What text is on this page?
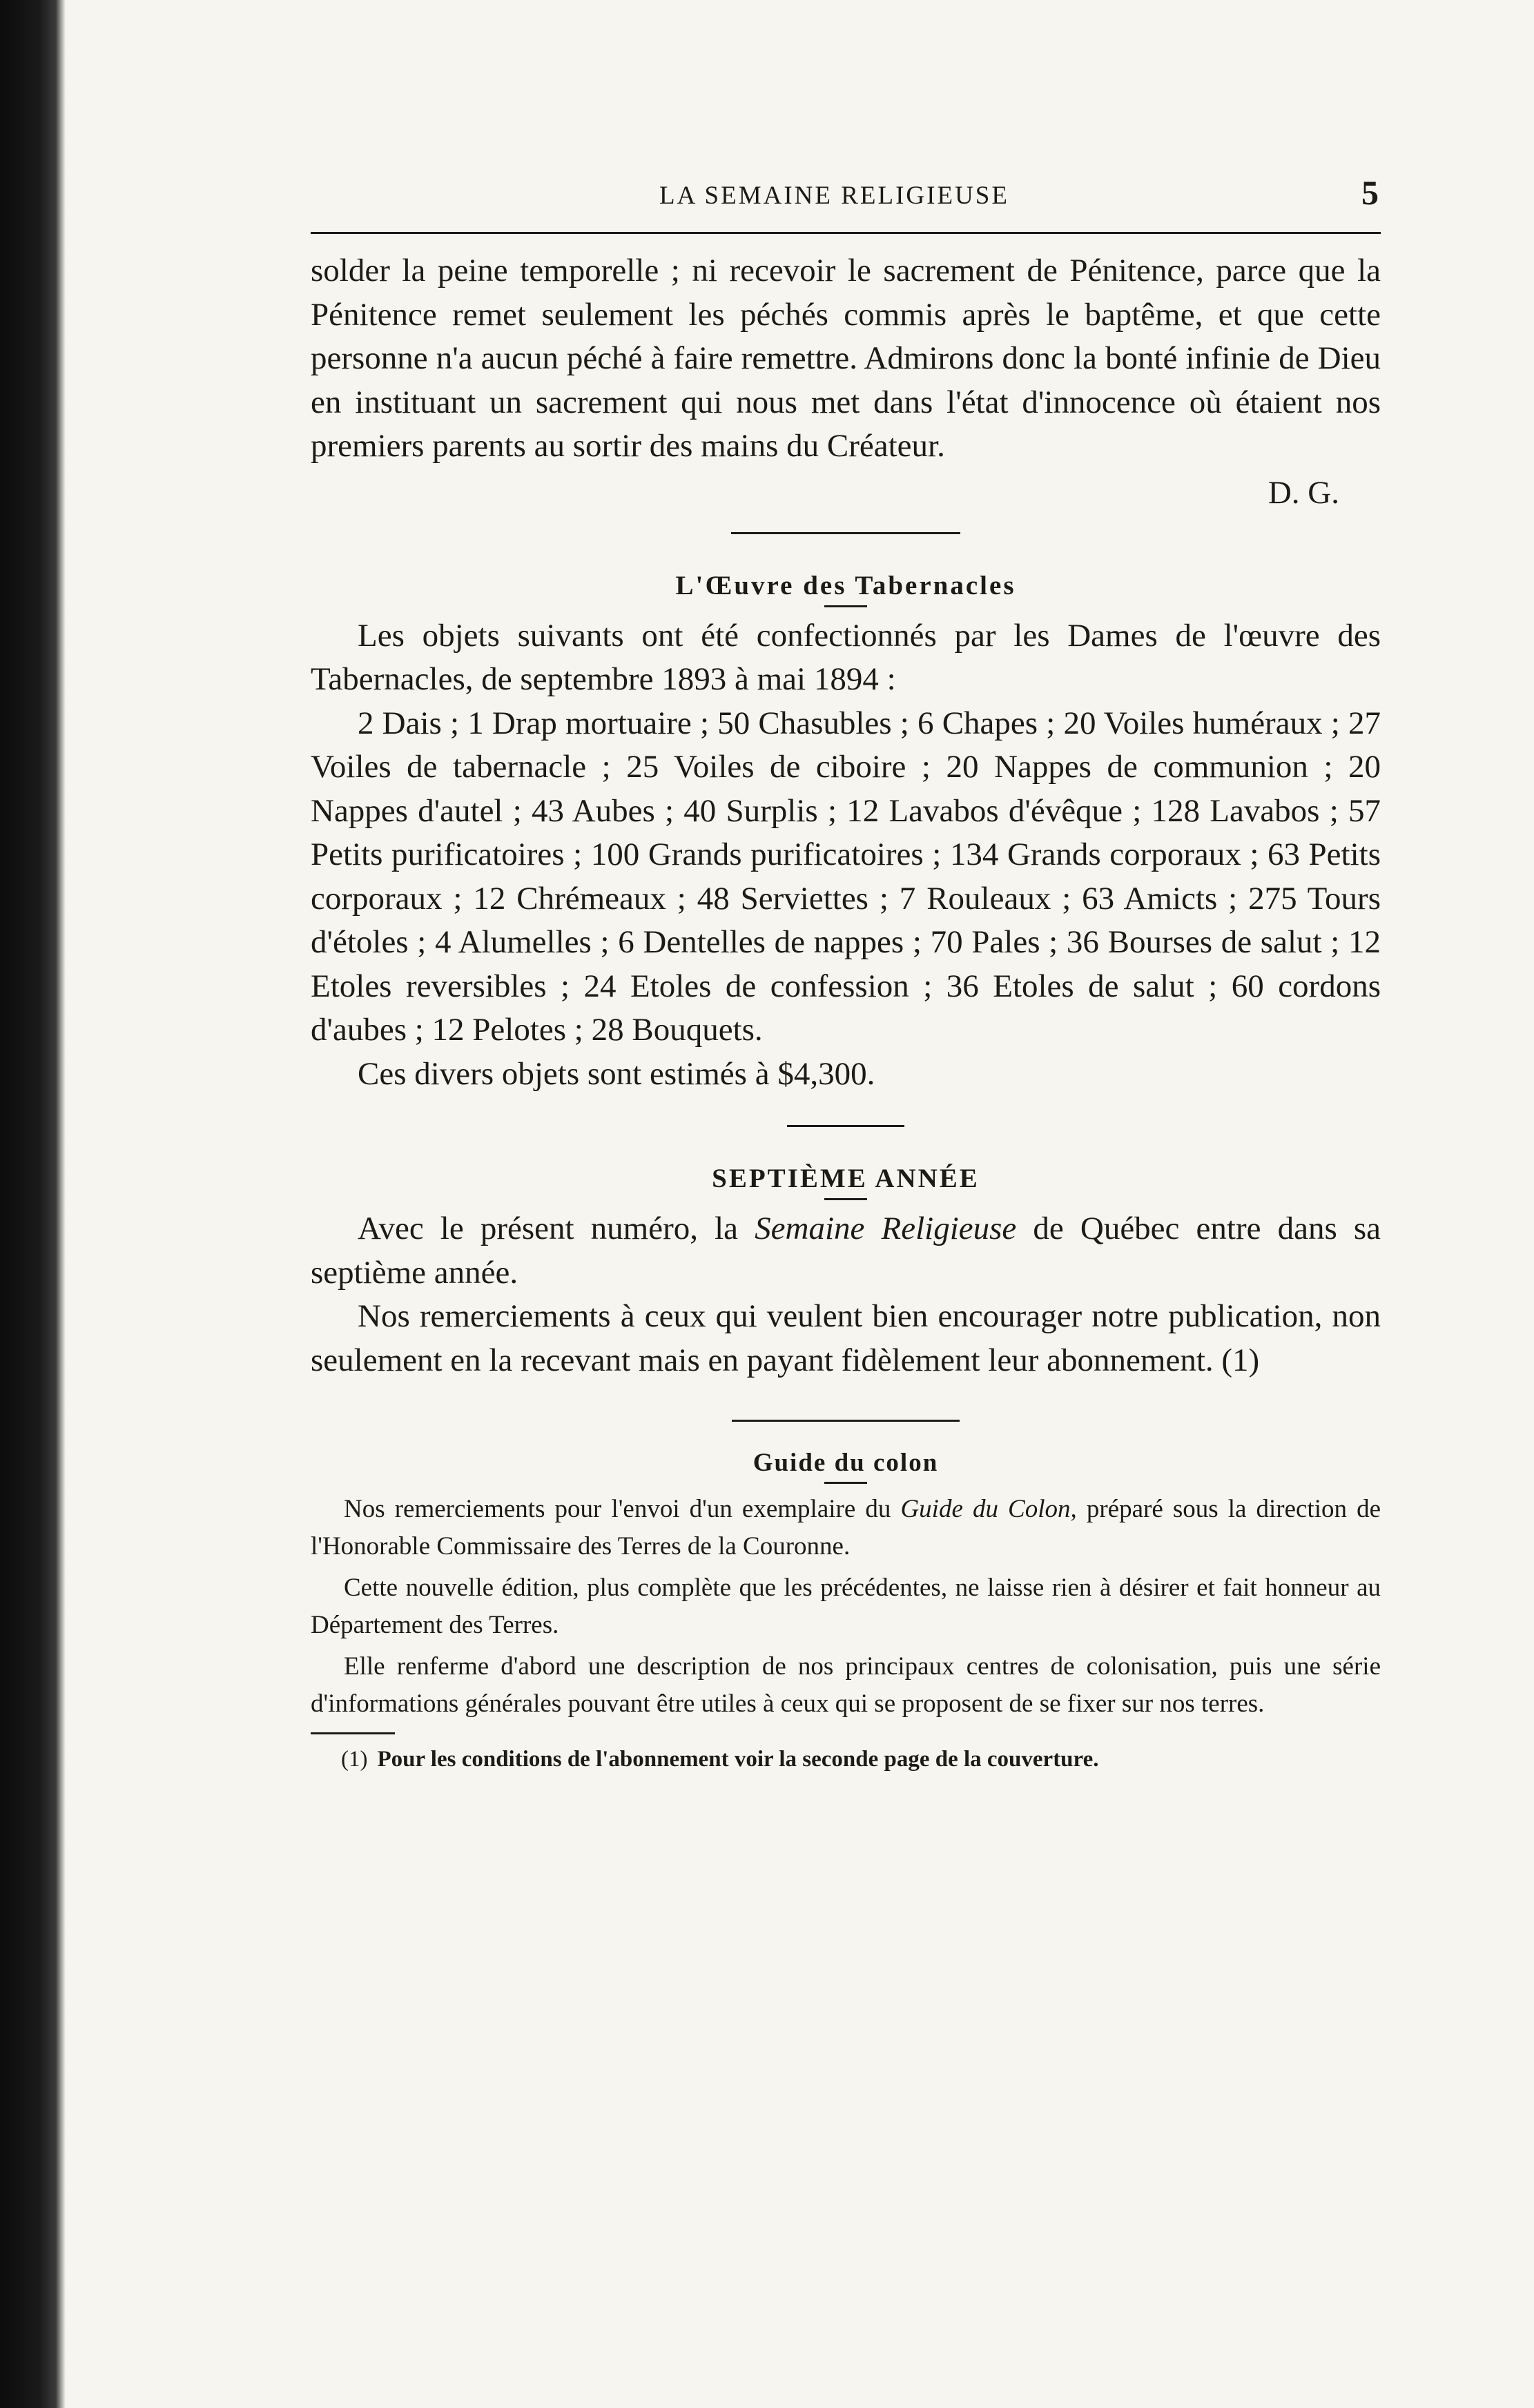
LA SEMAINE RELIGIEUSE	5

solder la peine temporelle ; ni recevoir le sacrement de Pénitence, parce que la Pénitence remet seulement les péchés commis après le baptême, et que cette personne n'a aucun péché à faire remettre. Admirons donc la bonté infinie de Dieu en instituant un sacrement qui nous met dans l'état d'innocence où étaient nos premiers parents au sortir des mains du Créateur.

D. G.
L'Œuvre des Tabernacles

Les objets suivants ont été confectionnés par les Dames de l'œuvre des Tabernacles, de septembre 1893 à mai 1894 :

2 Dais ; 1 Drap mortuaire ; 50 Chasubles ; 6 Chapes ; 20 Voiles huméraux ; 27 Voiles de tabernacle ; 25 Voiles de ciboire ; 20 Nappes de communion ; 20 Nappes d'autel ; 43 Aubes ; 40 Surplis ; 12 Lavabos d'évêque ; 128 Lavabos ; 57 Petits purificatoires ; 100 Grands purificatoires ; 134 Grands corporaux ; 63 Petits corporaux ; 12 Chrémeaux ; 48 Serviettes ; 7 Rouleaux ; 63 Amicts ; 275 Tours d'étoles ; 4 Alumelles ; 6 Dentelles de nappes ; 70 Pales ; 36 Bourses de salut ; 12 Etoles reversibles ; 24 Etoles de confession ; 36 Etoles de salut ; 60 cordons d'aubes ; 12 Pelotes ; 28 Bouquets.

Ces divers objets sont estimés à $4,300.

SEPTIÈME ANNÉE

Avec le présent numéro, la Semaine Religieuse de Québec entre dans sa septième année.

Nos remerciements à ceux qui veulent bien encourager notre publication, non seulement en la recevant mais en payant fidèlement leur abonnement. (1)

Guide du colon

Nos remerciements pour l'envoi d'un exemplaire du Guide du Colon, préparé sous la direction de l'Honorable Commissaire des Terres de la Couronne.

Cette nouvelle édition, plus complète que les précédentes, ne laisse rien à désirer et fait honneur au Département des Terres.

Elle renferme d'abord une description de nos principaux centres de colonisation, puis une série d'informations générales pouvant être utiles à ceux qui se proposent de se fixer sur nos terres.

(1) Pour les conditions de l'abonnement voir la seconde page de la couverture.
